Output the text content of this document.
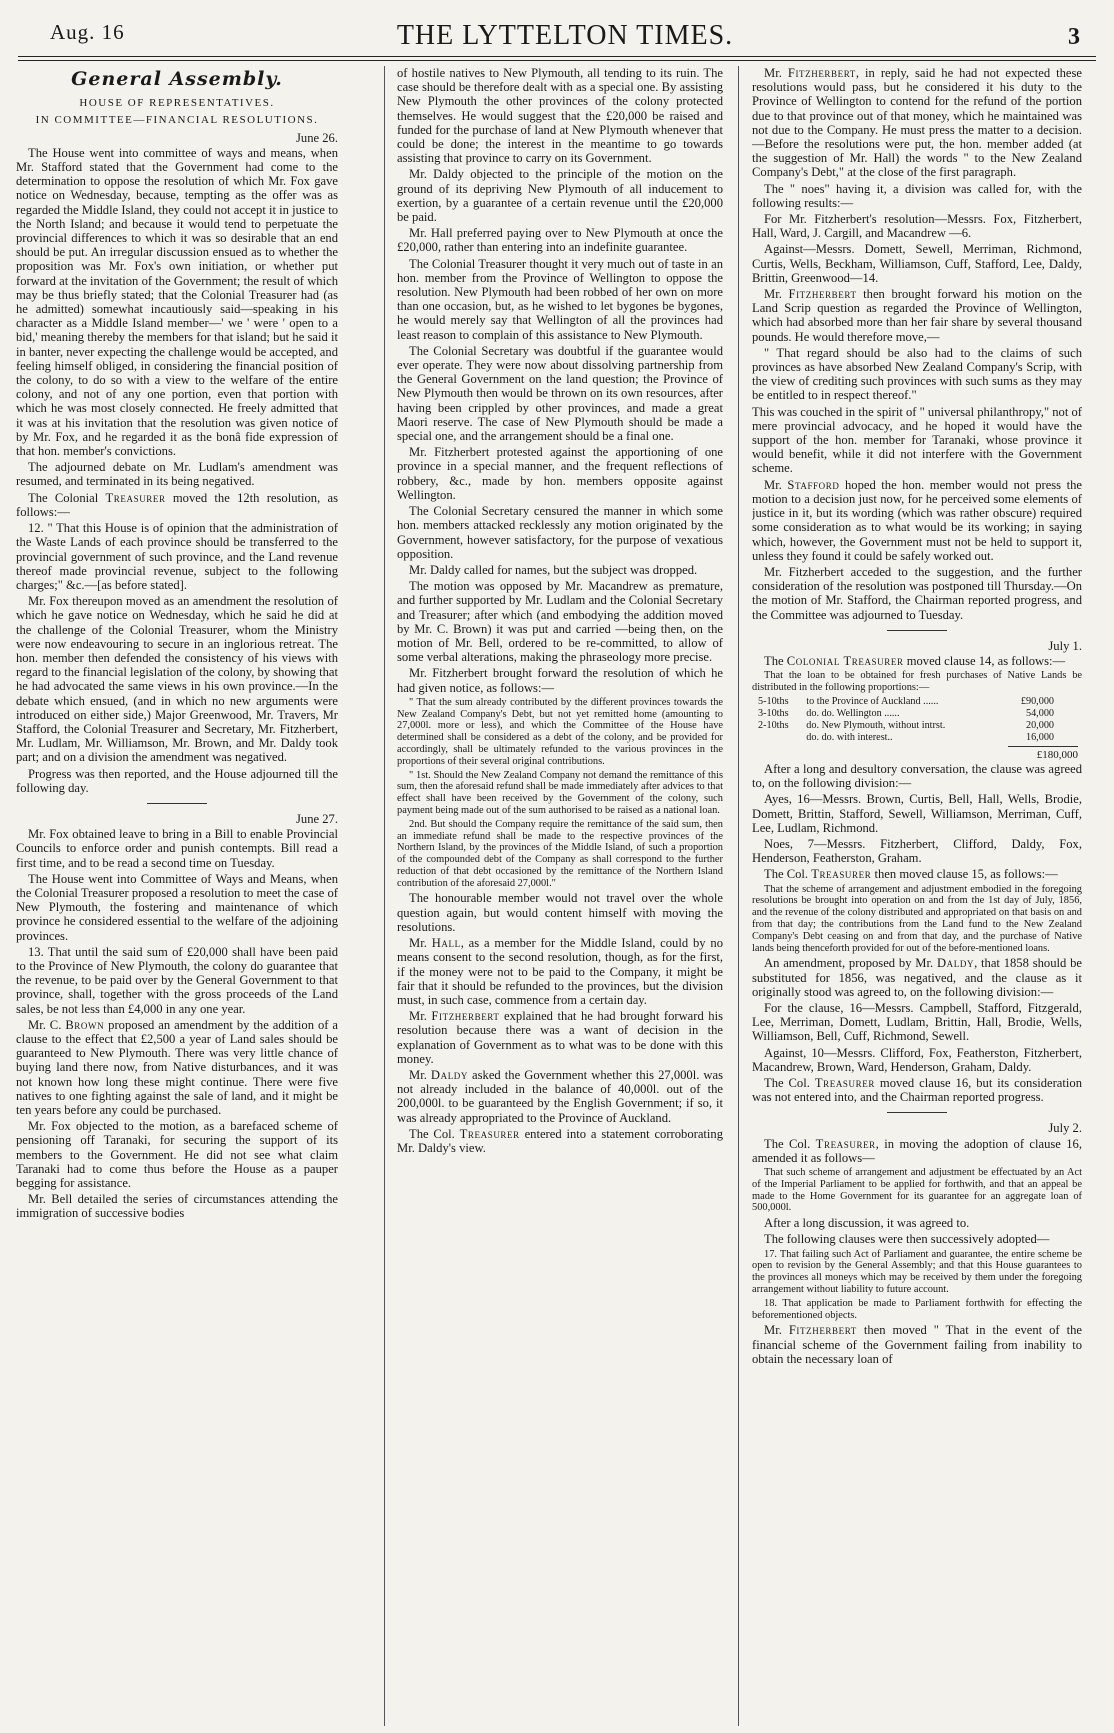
Aug. 16	THE LYTTELTON TIMES.	3
General Assembly.
HOUSE OF REPRESENTATIVES.
IN COMMITTEE—FINANCIAL RESOLUTIONS.
June 26.

The House went into committee of ways and means, when Mr. Stafford stated that the Government had come to the determination to oppose the resolution of which Mr. Fox gave notice on Wednesday, because, tempting as the offer was as regarded the Middle Island, they could not accept it in justice to the North Island; and because it would tend to perpetuate the provincial differences to which it was so desirable that an end should be put. An irregular discussion ensued as to whether the proposition was Mr. Fox's own initiation, or whether put forward at the invitation of the Government; the result of which may be thus briefly stated; that the Colonial Treasurer had (as he admitted) somewhat incautiously said—speaking in his character as a Middle Island member—' we ' were ' open to a bid,' meaning thereby the members for that island; but he said it in banter, never expecting the challenge would be accepted, and feeling himself obliged, in considering the financial position of the colony, to do so with a view to the welfare of the entire colony, and not of any one portion, even that portion with which he was most closely connected. He freely admitted that it was at his invitation that the resolution was given notice of by Mr. Fox, and he regarded it as the bonâ fide expression of that hon. member's convictions.

The adjourned debate on Mr. Ludlam's amendment was resumed, and terminated in its being negatived.

The Colonial Treasurer moved the 12th resolution, as follows:—

12. " That this House is of opinion that the administration of the Waste Lands of each province should be transferred to the provincial government of such province, and the Land revenue thereof made provincial revenue, subject to the following charges;" &c.—[as before stated].

Mr. Fox thereupon moved as an amendment the resolution of which he gave notice on Wednesday, which he said he did at the challenge of the Colonial Treasurer, whom the Ministry were now endeavouring to secure in an inglorious retreat. The hon. member then defended the consistency of his views with regard to the financial legislation of the colony, by showing that he had advocated the same views in his own province.—In the debate which ensued, (and in which no new arguments were introduced on either side,) Major Greenwood, Mr. Travers, Mr Stafford, the Colonial Treasurer and Secretary, Mr. Fitzherbert, Mr. Ludlam, Mr. Williamson, Mr. Brown, and Mr. Daldy took part; and on a division the amendment was negatived.

Progress was then reported, and the House adjourned till the following day.

June 27.

Mr. Fox obtained leave to bring in a Bill to enable Provincial Councils to enforce order and punish contempts. Bill read a first time, and to be read a second time on Tuesday.

The House went into Committee of Ways and Means, when the Colonial Treasurer proposed a resolution to meet the case of New Plymouth, the fostering and maintenance of which province he considered essential to the welfare of the adjoining provinces.

13. That until the said sum of £20,000 shall have been paid to the Province of New Plymouth, the colony do guarantee that the revenue, to be paid over by the General Government to that province, shall, together with the gross proceeds of the Land sales, be not less than £4,000 in any one year.

Mr. C. Brown proposed an amendment by the addition of a clause to the effect that £2,500 a year of Land sales should be guaranteed to New Plymouth. There was very little chance of buying land there now, from Native disturbances, and it was not known how long these might continue. There were five natives to one fighting against the sale of land, and it might be ten years before any could be purchased.

Mr. Fox objected to the motion, as a barefaced scheme of pensioning off Taranaki, for securing the support of its members to the Government. He did not see what claim Taranaki had to come thus before the House as a pauper begging for assistance.

Mr. Bell detailed the series of circumstances attending the immigration of successive bodies

of hostile natives to New Plymouth, all tending to its ruin. The case should be therefore dealt with as a special one. By assisting New Plymouth the other provinces of the colony protected themselves. He would suggest that the £20,000 be raised and funded for the purchase of land at New Plymouth whenever that could be done; the interest in the meantime to go towards assisting that province to carry on its Government.

Mr. Daldy objected to the principle of the motion on the ground of its depriving New Plymouth of all inducement to exertion, by a guarantee of a certain revenue until the £20,000 be paid.

Mr. Hall preferred paying over to New Plymouth at once the £20,000, rather than entering into an indefinite guarantee.

The Colonial Treasurer thought it very much out of taste in an hon. member from the Province of Wellington to oppose the resolution. New Plymouth had been robbed of her own on more than one occasion, but, as he wished to let bygones be bygones, he would merely say that Wellington of all the provinces had least reason to complain of this assistance to New Plymouth.

The Colonial Secretary was doubtful if the guarantee would ever operate. They were now about dissolving partnership from the General Government on the land question; the Province of New Plymouth then would be thrown on its own resources, after having been crippled by other provinces, and made a great Maori reserve. The case of New Plymouth should be made a special one, and the arrangement should be a final one.

Mr. Fitzherbert protested against the apportioning of one province in a special manner, and the frequent reflections of robbery, &c., made by hon. members opposite against Wellington.

The Colonial Secretary censured the manner in which some hon. members attacked recklessly any motion originated by the Government, however satisfactory, for the purpose of vexatious opposition.

Mr. Daldy called for names, but the subject was dropped.

The motion was opposed by Mr. Macandrew as premature, and further supported by Mr. Ludlam and the Colonial Secretary and Treasurer; after which (and embodying the addition moved by Mr. C. Brown) it was put and carried —being then, on the motion of Mr. Bell, ordered to be re-committed, to allow of some verbal alterations, making the phraseology more precise.

Mr. Fitzherbert brought forward the resolution of which he had given notice, as follows:—

" That the sum already contributed by the different provinces towards the New Zealand Company's Debt, but not yet remitted home (amounting to 27,000l. more or less), and which the Committee of the House have determined shall be considered as a debt of the colony, and be provided for accordingly, shall be ultimately refunded to the various provinces in the proportions of their several original contributions.

" 1st. Should the New Zealand Company not demand the remittance of this sum, then the aforesaid refund shall be made immediately after advices to that effect shall have been received by the Government of the colony, such payment being made out of the sum authorised to be raised as a national loan.

2nd. But should the Company require the remittance of the said sum, then an immediate refund shall be made to the respective provinces of the Northern Island, by the provinces of the Middle Island, of such a proportion of the compounded debt of the Company as shall correspond to the further reduction of that debt occasioned by the remittance of the Northern Island contribution of the aforesaid 27,000l."

The honourable member would not travel over the whole question again, but would content himself with moving the resolutions.

Mr. Hall, as a member for the Middle Island, could by no means consent to the second resolution, though, as for the first, if the money were not to be paid to the Company, it might be fair that it should be refunded to the provinces, but the division must, in such case, commence from a certain day.

Mr. Fitzherbert explained that he had brought forward his resolution because there was a want of decision in the explanation of Government as to what was to be done with this money.

Mr. Daldy asked the Government whether this 27,000l. was not already included in the balance of 40,000l. out of the 200,000l. to be guaranteed by the English Government; if so, it was already appropriated to the Province of Auckland.

The Col. Treasurer entered into a statement corroborating Mr. Daldy's view.

Mr. Fitzherbert, in reply, said he had not expected these resolutions would pass, but he considered it his duty to the Province of Wellington to contend for the refund of the portion due to that province out of that money, which he maintained was not due to the Company. He must press the matter to a decision.—Before the resolutions were put, the hon. member added (at the suggestion of Mr. Hall) the words " to the New Zealand Company's Debt," at the close of the first paragraph.

The " noes" having it, a division was called for, with the following results:—

For Mr. Fitzherbert's resolution—Messrs. Fox, Fitzherbert, Hall, Ward, J. Cargill, and Macandrew —6.

Against—Messrs. Domett, Sewell, Merriman, Richmond, Curtis, Wells, Beckham, Williamson, Cuff, Stafford, Lee, Daldy, Brittin, Greenwood—14.

Mr. Fitzherbert then brought forward his motion on the Land Scrip question as regarded the Province of Wellington, which had absorbed more than her fair share by several thousand pounds. He would therefore move,—

" That regard should be also had to the claims of such provinces as have absorbed New Zealand Company's Scrip, with the view of crediting such provinces with such sums as they may be entitled to in respect thereof."

This was couched in the spirit of " universal philanthropy," not of mere provincial advocacy, and he hoped it would have the support of the hon. member for Taranaki, whose province it would benefit, while it did not interfere with the Government scheme.

Mr. Stafford hoped the hon. member would not press the motion to a decision just now, for he perceived some elements of justice in it, but its wording (which was rather obscure) required some consideration as to what would be its working; in saying which, however, the Government must not be held to support it, unless they found it could be safely worked out.

Mr. Fitzherbert acceded to the suggestion, and the further consideration of the resolution was postponed till Thursday.—On the motion of Mr. Stafford, the Chairman reported progress, and the Committee was adjourned to Tuesday.

July 1.

The Colonial Treasurer moved clause 14, as follows:—

That the loan to be obtained for fresh purchases of Native Lands be distributed in the following proportions:—

5-10ths	to the Province of Auckland ......	£90,000
3-10ths	do. do. Wellington ......	54,000
2-10ths	do. New Plymouth, without intrst.	20,000
	do. do. with interest..	16,000
£180,000

After a long and desultory conversation, the clause was agreed to, on the following division:—

Ayes, 16—Messrs. Brown, Curtis, Bell, Hall, Wells, Brodie, Domett, Brittin, Stafford, Sewell, Williamson, Merriman, Cuff, Lee, Ludlam, Richmond.

Noes, 7—Messrs. Fitzherbert, Clifford, Daldy, Fox, Henderson, Featherston, Graham.

The Col. Treasurer then moved clause 15, as follows:—

That the scheme of arrangement and adjustment embodied in the foregoing resolutions be brought into operation on and from the 1st day of July, 1856, and the revenue of the colony distributed and appropriated on that basis on and from that day; the contributions from the Land fund to the New Zealand Company's Debt ceasing on and from that day, and the purchase of Native lands being thenceforth provided for out of the before-mentioned loans.

An amendment, proposed by Mr. Daldy, that 1858 should be substituted for 1856, was negatived, and the clause as it originally stood was agreed to, on the following division:—

For the clause, 16—Messrs. Campbell, Stafford, Fitzgerald, Lee, Merriman, Domett, Ludlam, Brittin, Hall, Brodie, Wells, Williamson, Bell, Cuff, Richmond, Sewell.

Against, 10—Messrs. Clifford, Fox, Featherston, Fitzherbert, Macandrew, Brown, Ward, Henderson, Graham, Daldy.

The Col. Treasurer moved clause 16, but its consideration was not entered into, and the Chairman reported progress.

July 2.

The Col. Treasurer, in moving the adoption of clause 16, amended it as follows—

That such scheme of arrangement and adjustment be effectuated by an Act of the Imperial Parliament to be applied for forthwith, and that an appeal be made to the Home Government for its guarantee for an aggregate loan of 500,000l.

After a long discussion, it was agreed to.

The following clauses were then successively adopted—

17. That failing such Act of Parliament and guarantee, the entire scheme be open to revision by the General Assembly; and that this House guarantees to the provinces all moneys which may be received by them under the foregoing arrangement without liability to future account.

18. That application be made to Parliament forthwith for effecting the beforementioned objects.

Mr. Fitzherbert then moved " That in the event of the financial scheme of the Government failing from inability to obtain the necessary loan of
